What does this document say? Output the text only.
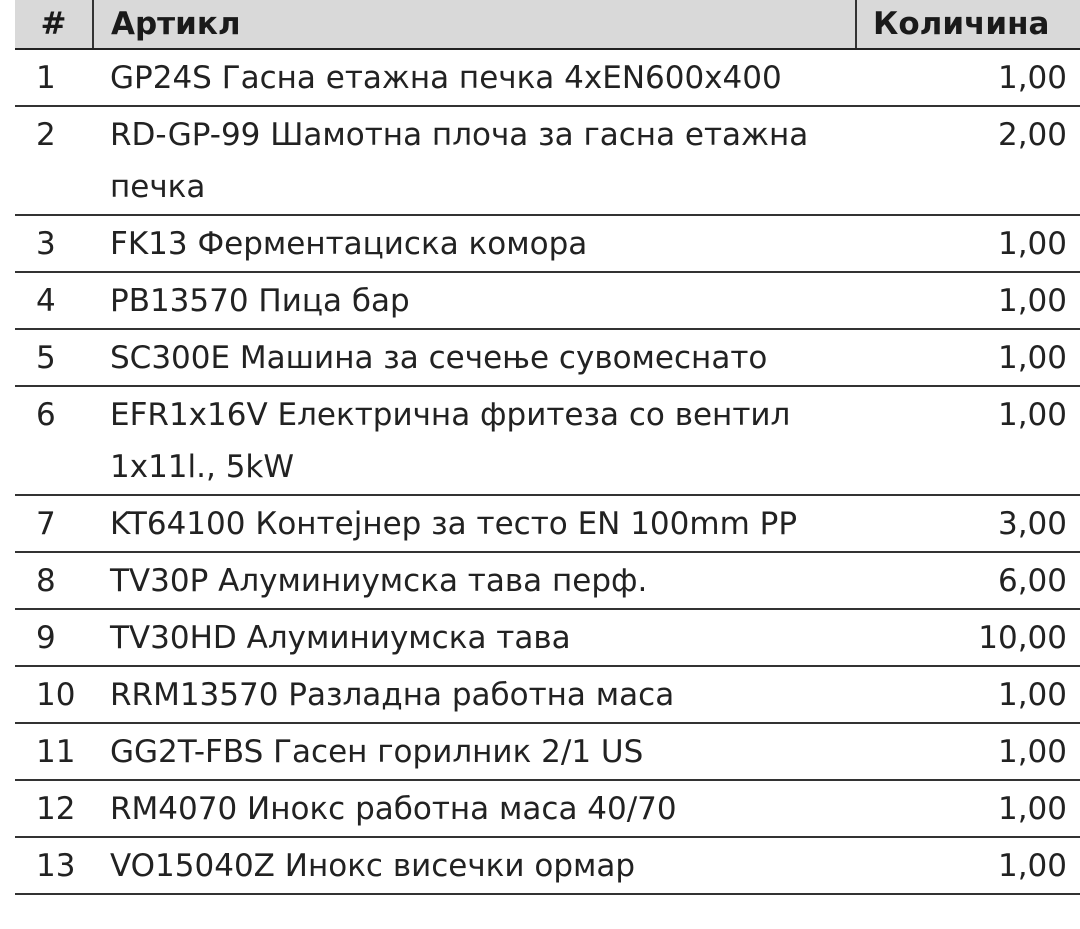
#	Артикл	Количина
1	GP24S Гасна етажна печка 4xEN600x400	1,00
2	RD-GP-99 Шамотна плоча за гасна етажна печка	2,00
3	FK13 Ферментациска комора	1,00
4	PB13570 Пица бар	1,00
5	SC300E Машина за сечење сувомеснато	1,00
6	EFR1x16V Електрична фритеза со вентил 1x11l., 5kW	1,00
7	KT64100 Контејнер за тесто EN 100mm PP	3,00
8	TV30P Алуминиумска тава перф.	6,00
9	TV30HD Алуминиумска тава	10,00
10	RRM13570 Разладна работна маса	1,00
11	GG2T-FBS Гасен горилник 2/1 US	1,00
12	RM4070 Инокс работна маса 40/70	1,00
13	VO15040Z Инокс висечки ормар	1,00
